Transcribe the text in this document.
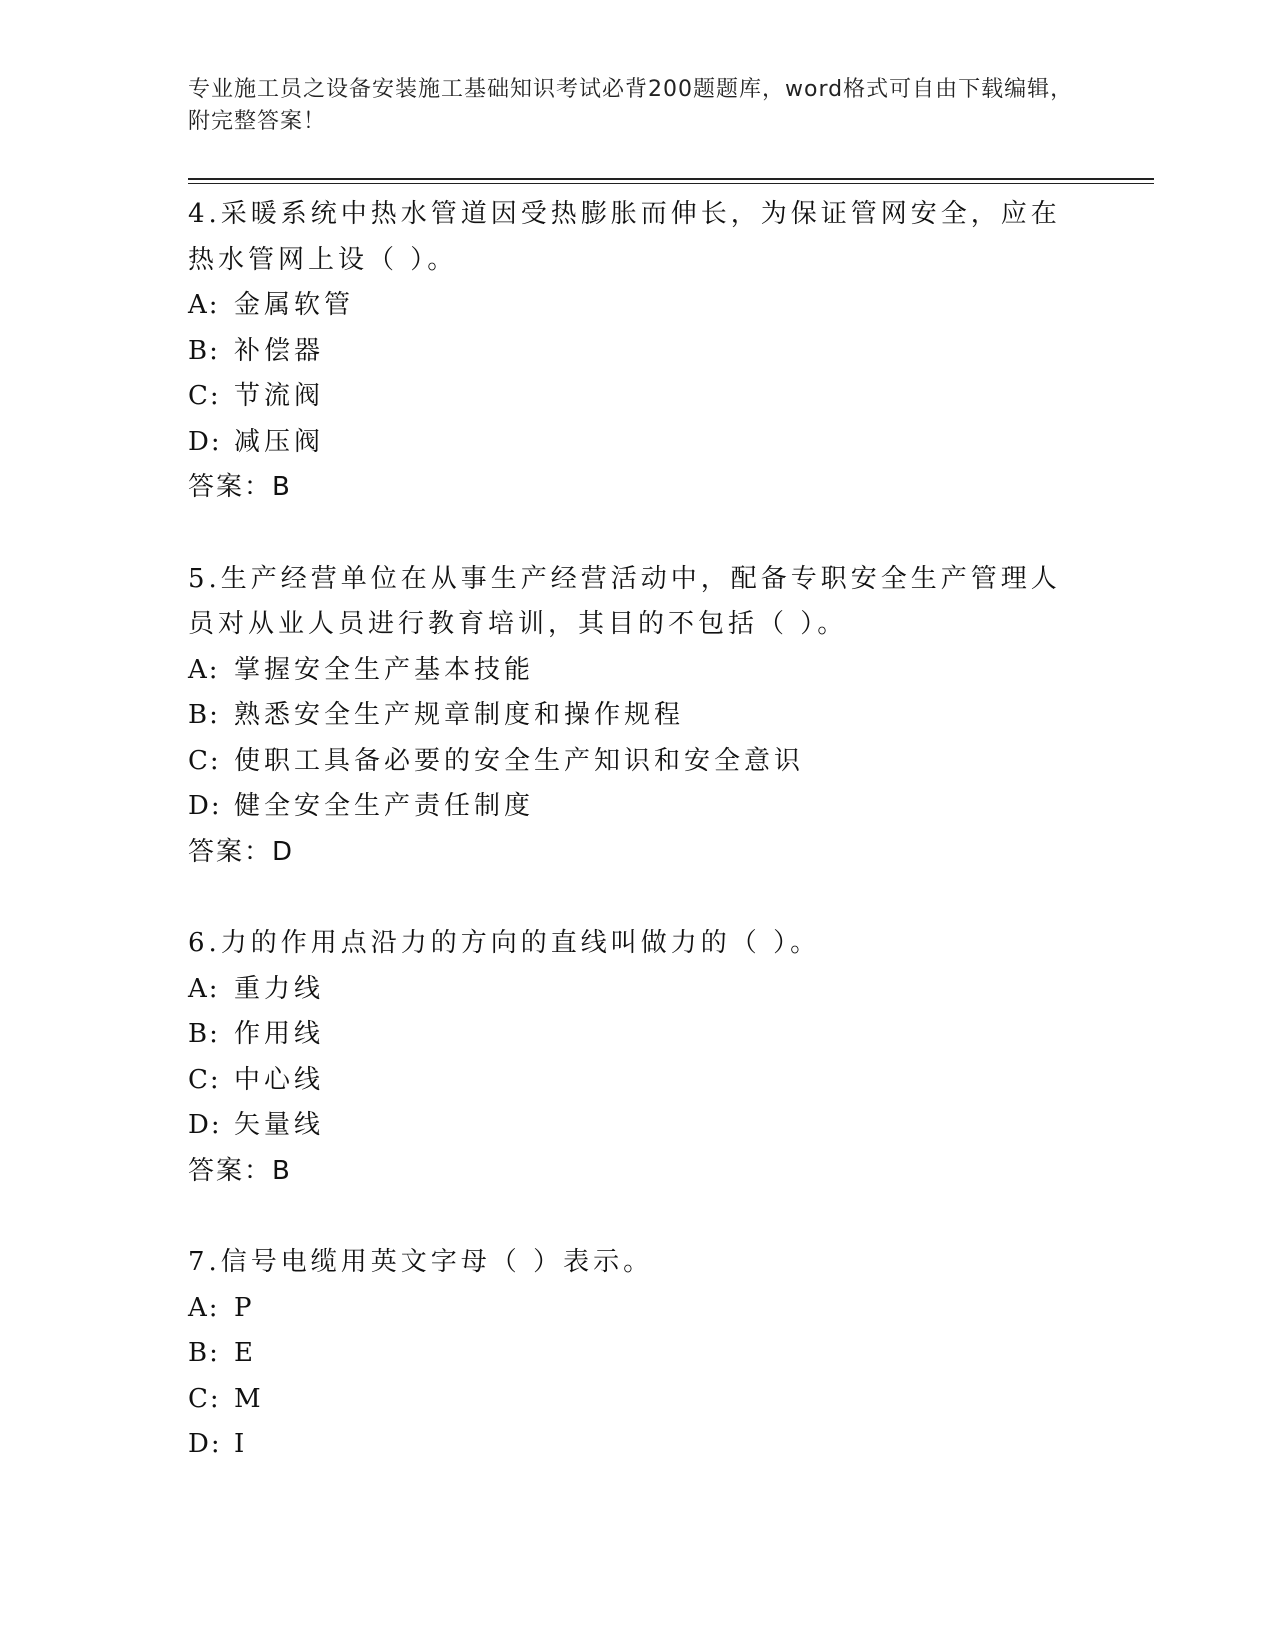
专业施工员之设备安装施工基础知识考试必背200题题库，word格式可自由下载编辑，附完整答案！
4.采暖系统中热水管道因受热膨胀而伸长，为保证管网安全，应在热水管网上设（ ）。
A: 金属软管
B: 补偿器
C: 节流阀
D: 减压阀
答案：B
5.生产经营单位在从事生产经营活动中，配备专职安全生产管理人员对从业人员进行教育培训，其目的不包括（ ）。
A: 掌握安全生产基本技能
B: 熟悉安全生产规章制度和操作规程
C: 使职工具备必要的安全生产知识和安全意识
D: 健全安全生产责任制度
答案：D
6.力的作用点沿力的方向的直线叫做力的（ ）。
A: 重力线
B: 作用线
C: 中心线
D: 矢量线
答案：B
7.信号电缆用英文字母（ ）表示。
A: P
B: E
C: M
D: I
